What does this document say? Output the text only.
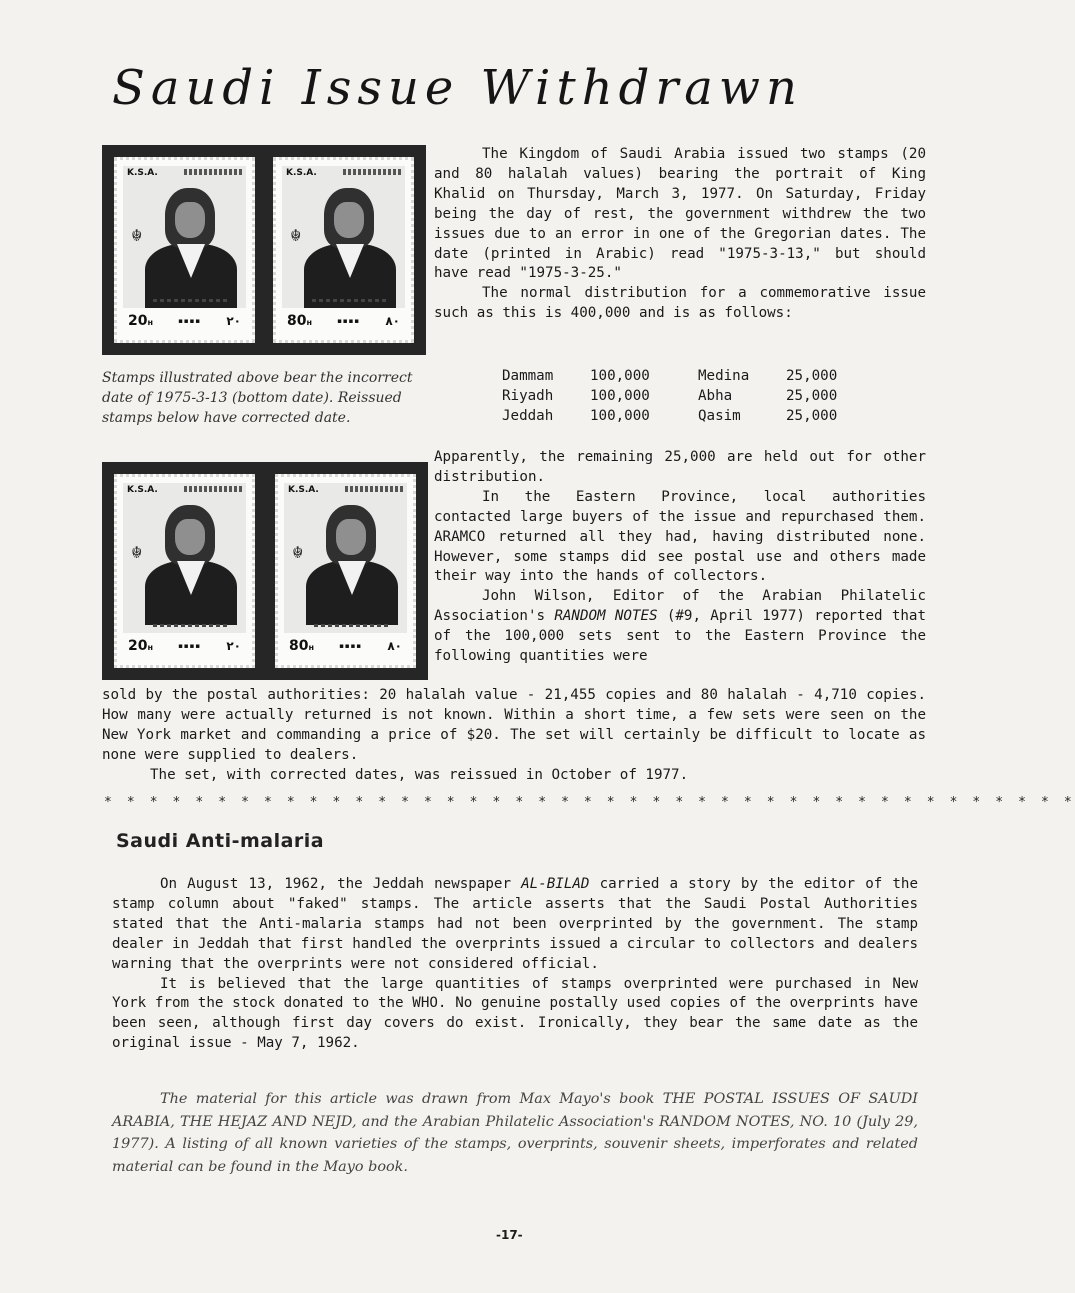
Saudi Issue Withdrawn
K.S.A.
☬
20н	▪▪▪▪ ٢٠
K.S.A.
☬
80н	▪▪▪▪ ٨٠

Stamps illustrated above bear the incorrect date of 1975-3-13 (bottom date). Reissued stamps below have corrected date.

K.S.A.
☬
20н	▪▪▪▪ ٢٠
K.S.A.
☬
80н	▪▪▪▪ ٨٠

The Kingdom of Saudi Arabia issued two stamps (20 and 80 halalah values) bearing the portrait of King Khalid on Thursday, March 3, 1977. On Saturday, Friday being the day of rest, the government withdrew the two issues due to an error in one of the Gregorian dates. The date (printed in Arabic) read "1975-3-13," but should have read "1975-3-25."

The normal distribution for a commemorative issue such as this is 400,000 and is as follows:

Dammam	100,000	Medina	25,000
Riyadh	100,000	Abha	25,000
Jeddah	100,000	Qasim	25,000

Apparently, the remaining 25,000 are held out for other distribution.

In the Eastern Province, local authorities contacted large buyers of the issue and repurchased them. ARAMCO returned all they had, having distributed none. However, some stamps did see postal use and others made their way into the hands of collectors.

John Wilson, Editor of the Arabian Philatelic Association's RANDOM NOTES (#9, April 1977) reported that of the 100,000 sets sent to the Eastern Province the following quantities were

sold by the postal authorities: 20 halalah value - 21,455 copies and 80 halalah - 4,710 copies. How many were actually returned is not known. Within a short time, a few sets were seen on the New York market and commanding a price of $20. The set will certainly be difficult to locate as none were supplied to dealers.

The set, with corrected dates, was reissued in October of 1977.

* * * * * * * * * * * * * * * * * * * * * * * * * * * * * * * * * * * * * * * * * * *
Saudi Anti-malaria

On August 13, 1962, the Jeddah newspaper AL-BILAD carried a story by the editor of the stamp column about "faked" stamps. The article asserts that the Saudi Postal Authorities stated that the Anti-malaria stamps had not been overprinted by the government. The stamp dealer in Jeddah that first handled the overprints issued a circular to collectors and dealers warning that the overprints were not considered official.

It is believed that the large quantities of stamps overprinted were purchased in New York from the stock donated to the WHO. No genuine postally used copies of the overprints have been seen, although first day covers do exist. Ironically, they bear the same date as the original issue - May 7, 1962.

The material for this article was drawn from Max Mayo's book THE POSTAL ISSUES OF SAUDI ARABIA, THE HEJAZ AND NEJD, and the Arabian Philatelic Association's RANDOM NOTES, NO. 10 (July 29, 1977). A listing of all known varieties of the stamps, overprints, souvenir sheets, imperforates and related material can be found in the Mayo book.

-17-
